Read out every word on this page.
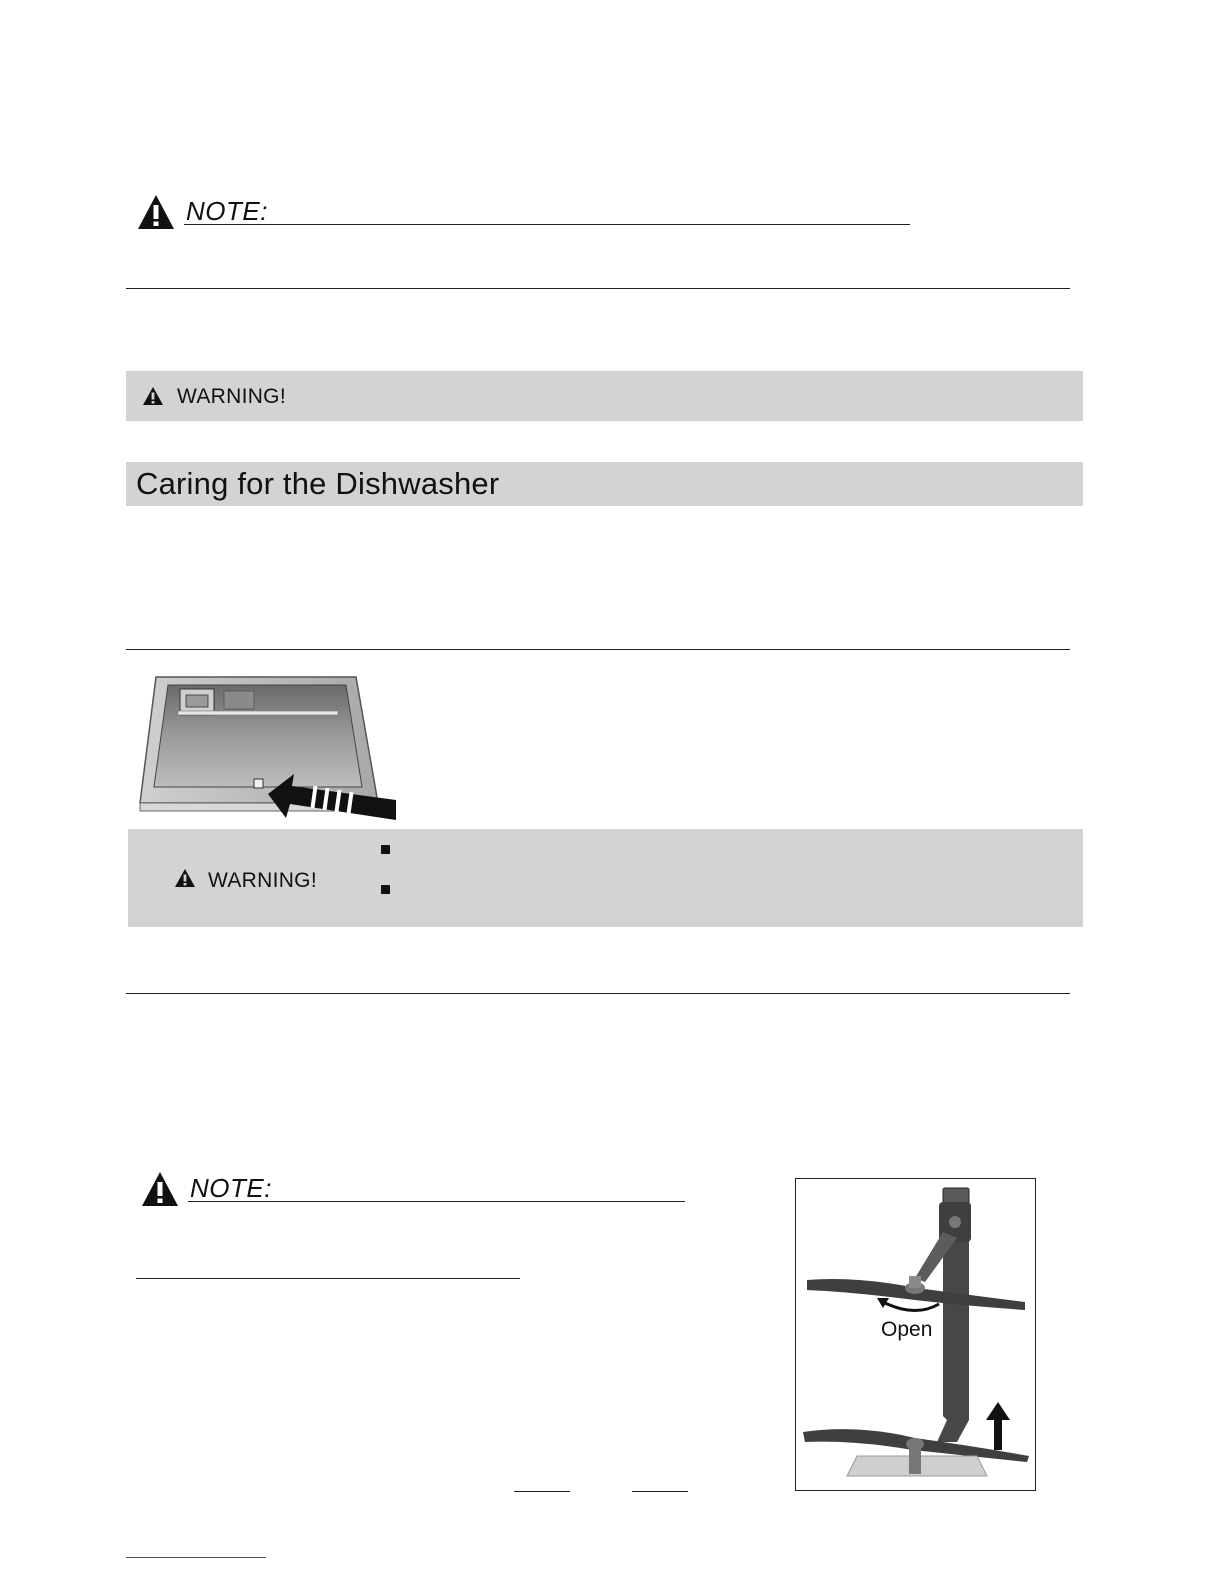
NOTE:
WARNING!
Caring for the Dishwasher
WARNING!
NOTE:
Open
